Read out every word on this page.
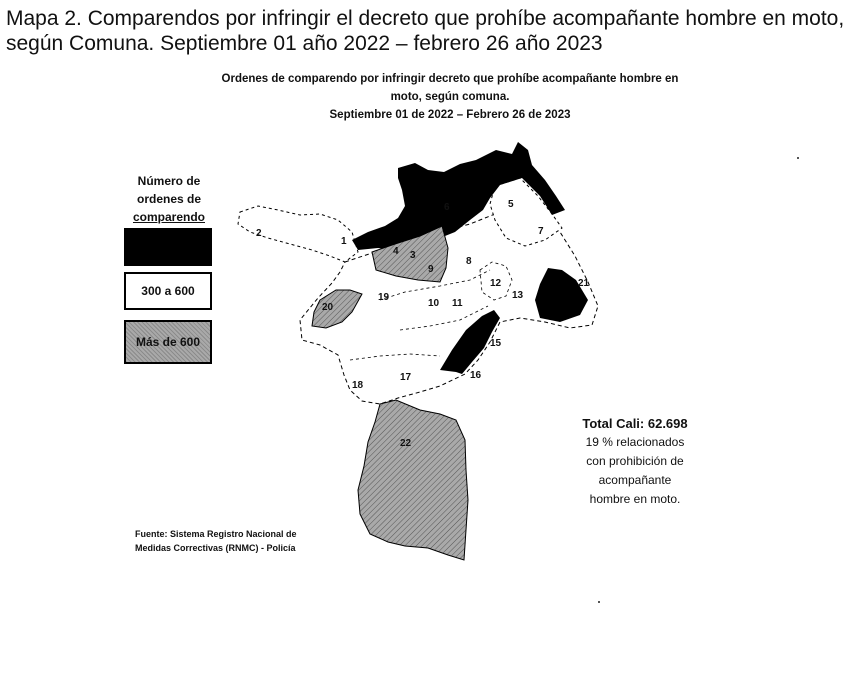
Mapa 2. Comparendos por infringir el decreto que prohíbe acompañante hombre en moto, según Comuna. Septiembre 01 año 2022 – febrero 26 año 2023
Ordenes de comparendo por infringir decreto que prohíbe acompañante hombre en
moto, según comuna.
Septiembre 01 de 2022 – Febrero 26 de 2023
Número de
ordenes de
comparendo
300 a 600
Más de 600
1
2
3
4
5
6
7
8
9
10 11
12
13
15
16
17
18
19
20
21
22
Total Cali: 62.698
19 % relacionados
con prohibición de
acompañante
hombre en moto.
Fuente: Sistema Registro Nacional de
Medidas Correctivas (RNMC) - Policía
